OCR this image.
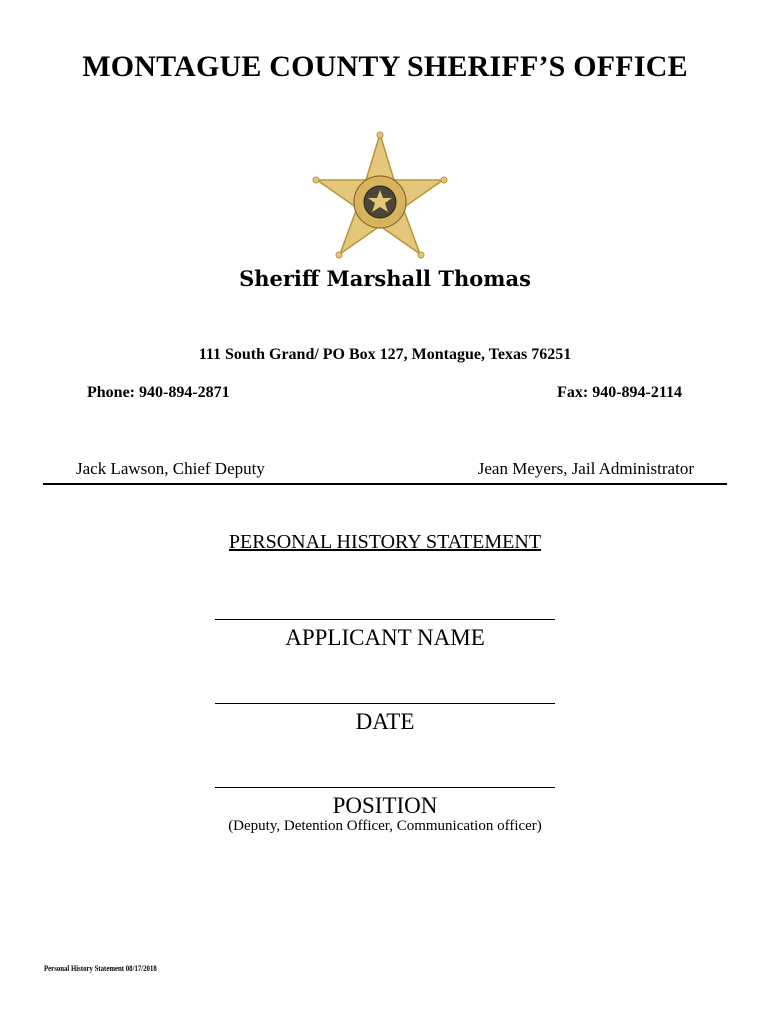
MONTAGUE COUNTY SHERIFF’S OFFICE
Sheriff Marshall Thomas
111 South Grand/ PO Box 127, Montague, Texas 76251
Phone: 940-894-2871	Fax: 940-894-2114
Jack Lawson, Chief Deputy	Jean Meyers, Jail Administrator
PERSONAL HISTORY STATEMENT
APPLICANT NAME
DATE
POSITION
(Deputy, Detention Officer, Communication officer)
Personal History Statement 08/17/2018
